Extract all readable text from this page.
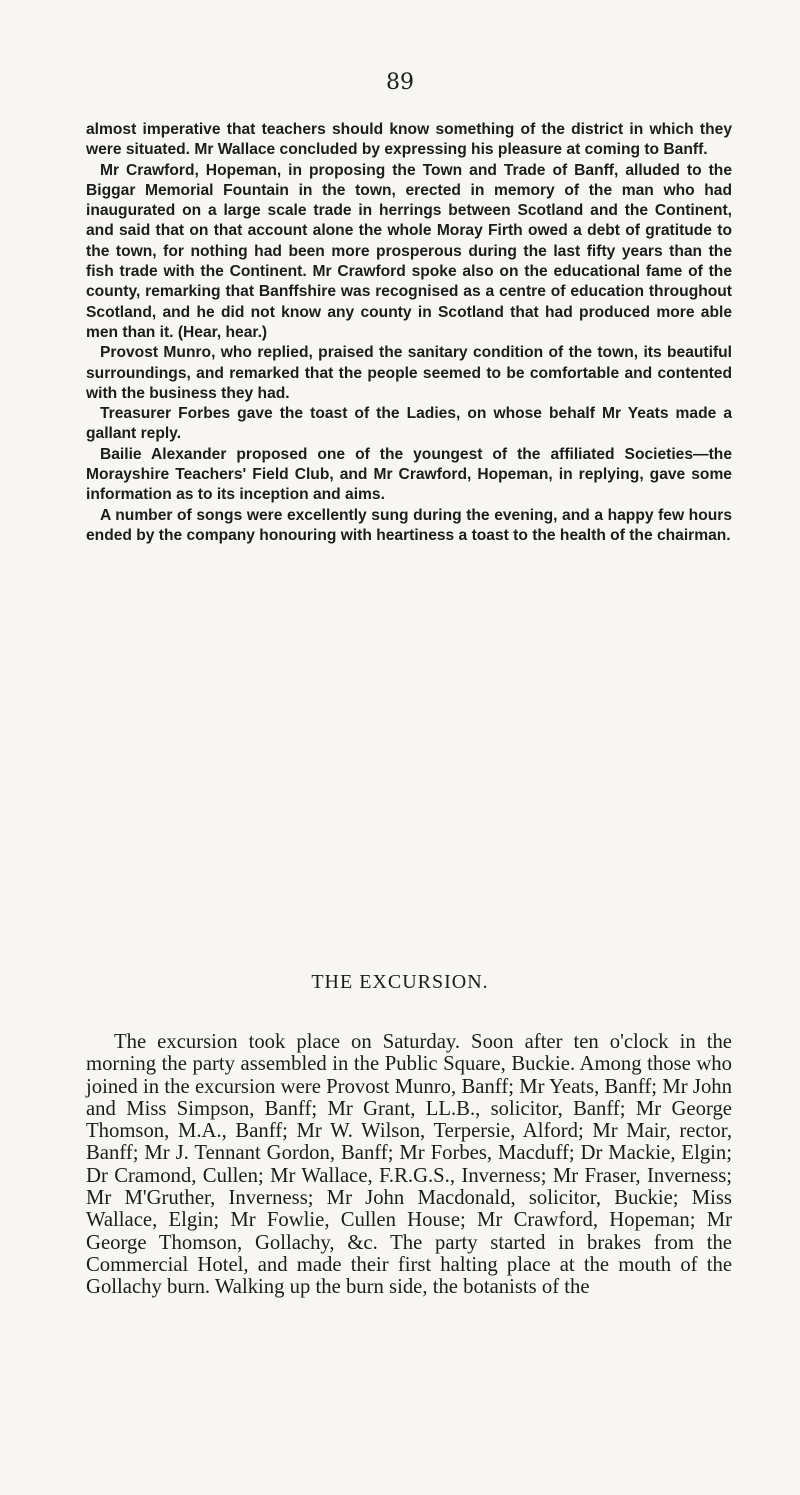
89

almost imperative that teachers should know something of the district in which they were situated. Mr Wallace concluded by expressing his pleasure at coming to Banff.

Mr Crawford, Hopeman, in proposing the Town and Trade of Banff, alluded to the Biggar Memorial Fountain in the town, erected in memory of the man who had inaugurated on a large scale trade in herrings between Scotland and the Continent, and said that on that account alone the whole Moray Firth owed a debt of gratitude to the town, for nothing had been more prosperous during the last fifty years than the fish trade with the Continent. Mr Crawford spoke also on the educational fame of the county, remarking that Banffshire was recognised as a centre of education throughout Scotland, and he did not know any county in Scotland that had produced more able men than it. (Hear, hear.)

Provost Munro, who replied, praised the sanitary condition of the town, its beautiful surroundings, and remarked that the people seemed to be comfortable and contented with the business they had.

Treasurer Forbes gave the toast of the Ladies, on whose behalf Mr Yeats made a gallant reply.

Bailie Alexander proposed one of the youngest of the affiliated Societies—the Morayshire Teachers' Field Club, and Mr Crawford, Hopeman, in replying, gave some information as to its inception and aims.

A number of songs were excellently sung during the evening, and a happy few hours ended by the company honouring with heartiness a toast to the health of the chairman.

THE EXCURSION.

The excursion took place on Saturday. Soon after ten o'clock in the morning the party assembled in the Public Square, Buckie. Among those who joined in the excursion were Provost Munro, Banff; Mr Yeats, Banff; Mr John and Miss Simpson, Banff; Mr Grant, LL.B., solicitor, Banff; Mr George Thomson, M.A., Banff; Mr W. Wilson, Terpersie, Alford; Mr Mair, rector, Banff; Mr J. Tennant Gordon, Banff; Mr Forbes, Macduff; Dr Mackie, Elgin; Dr Cramond, Cullen; Mr Wallace, F.R.G.S., Inverness; Mr Fraser, Inverness; Mr M'Gruther, Inverness; Mr John Macdonald, solicitor, Buckie; Miss Wallace, Elgin; Mr Fowlie, Cullen House; Mr Crawford, Hopeman; Mr George Thomson, Gollachy, &c. The party started in brakes from the Commercial Hotel, and made their first halting place at the mouth of the Gollachy burn. Walking up the burn side, the botanists of the
